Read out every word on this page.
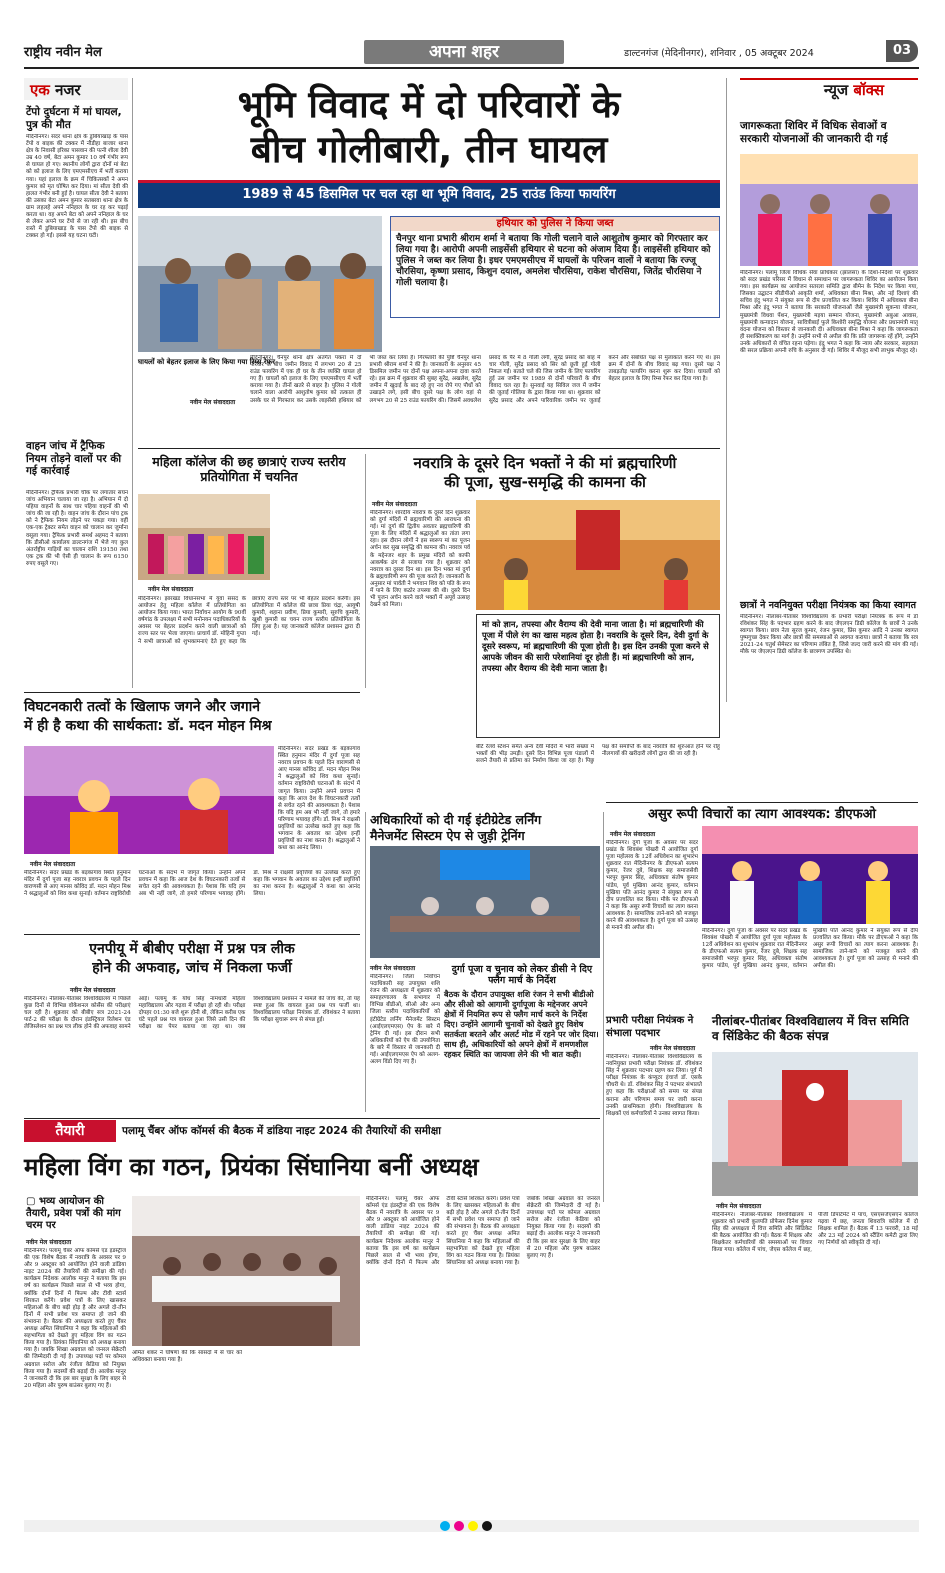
राष्ट्रीय नवीन मेल	अपना शहर	डाल्टनगंज (मेदिनीनगर), शनिवार , 05 अक्टूबर 2024	03
एक नजर
टेंपो दुर्घटना में मां घायल, पुत्र की मौत
मेदिनीनगर। सदर थाना क्षेत्र के डुबियाखाड़ के पास टेंपो व बाइक की टक्कर में नौडीहा बाजार थाना क्षेत्र के निवासी इरिका पासवान की पत्नी शीला देवी उम्र 40 वर्ष, बेटा अमन कुमार 10 वर्ष गंभीर रूप से घायल हो गए। स्थानीय लोगों द्वारा दोनों मां बेटा को को इलाज के लिए एमएमसीएच में भर्ती कराया गया। यहां इलाज के क्रम में चिकित्सकों ने अमन कुमार को मृत घोषित कर दिया। मां सीता देवी की हालत गंभीर बनी हुई है। घायल सीता देवी ने बताया की उसका बेटा अमन कुमार सतबरवा थाना क्षेत्र के ग्राम लहलहे अपने ननिहाल के घर रह कर पढ़ाई करता था। वह अपने बेटा को अपने ननिहाल के घर से लेकर अपने घर टेंपो से जा रही थी। इस बीच रास्ते में डुबियाखाड़ के पास टेंपो की बाइक से टक्कर हो गई। इससे यह घटना घटी।
वाहन जांच में ट्रैफिक नियम तोड़ने वालों पर की गई कार्रवाई
मेदिनीनगर। ट्रैफिक प्रभारी चौक पर लगातार सघन जांच अभियान चलाया जा रहा है। अभियान में दो पहिया वाहनों के साथ चार पहिया वाहनों की भी जांच की जा रही है। वाहन जांच के दौरान पांच ट्रक को ने ट्रैफिक नियम तोड़ने पर पकड़ा गया। वहीं एक-एक ट्रेक्टर समेत वाहन को चालान कर जुर्माना वसूला गया। ट्रैफिक प्रभारी समर्थ अहमद ने बताया कि डीसीओ कार्यालय डाल्टनगंज में भेजे गए कुल अंतर्राष्ट्रीय गाड़ियों का चालान राशि 19150 तथा एक ट्रक की भी ऐसी ही चालान के रूप 6150 रुपए वसूले गए।
भूमि विवाद में दो परिवारों के
बीच गोलीबारी, तीन घायल
1989 से 45 डिसमिल पर चल रहा था भूमि विवाद, 25 राउंड किया फायरिंग
घायलों को बेहतर इलाज के लिए किया गया रिम्स रेफर
नवीन मेल संवाददाता
हथियार को पुलिस ने किया जब्त
चैनपुर थाना प्रभारी श्रीराम शर्मा ने बताया कि गोली चलाने वाले आशुतोष कुमार को गिरफ्तार कर लिया गया है। आरोपी अपनी लाइसेंसी हथियार से घटना को अंजाम दिया है। लाइसेंसी हथियार को पुलिस ने जब्त कर लिया है। इधर एमएमसीएच में घायलों के परिजन वालों ने बताया कि रज्जू चौरसिया, कृष्णा प्रसाद, किशुन दयाल, अमलेश चौरसिया, राकेश चौरसिया, जितेंद्र चौरसिया ने गोली चलाया है।
मेदिनीनगर। चैनपुर थाना क्षेत्र अंतर्गत पकरा में दो परिवार के बीच जमीन विवाद में लगभग 20 से 25 राउंड फायरिंग में एक ही घर के तीन व्यक्ति घायल हो गए हैं। घायलों को इलाज के लिए एमएमसीएच में भर्ती कराया गया है। तीनों खतरे से बाहर है। पुलिस ने गोली चलाने वाला आरोपी आशुतोष कुमार को तत्काल ही उसके घर से गिरफ्तार कर उसके लाइसेंसी हथियार को भी जब्त कर लिया है। गिरफ्तारी की पुष्टि चैनपुर थाना प्रभारी श्रीराम शर्मा ने की है। जानकारी के अनुसार 45 डिसमिल जमीन पर दोनों पक्ष अपना-अपना दावा करते रहे। इस क्रम में शुक्रवार की सुबह सुरेंद्र, अखलेश, सुरेंद्र जमीन में खुदाई के बाद रहे हुए नव रोपे गए पौधों को उखाड़ने लगे, इसी बीच दूसरे पक्ष के लोग वहां से लगभग 20 से 25 राउंड फायरिंग की। जिसमें अवधलेश प्रसाद के पैर में 8 गोली लगी, सुरेंद्र प्रसाद को बांह में चार गोली, सुरेंद्र प्रसाद को सिर को छूती हुई गोली निकल गई। बताते चले की जिस जमीन के लिए फायरिंग हुई उस जमीन पर 1989 से दोनों परिवारों के बीच विवाद चल रहा है। सुनवाई यह सिविल जज में जमीन की जुताई गोलिया के द्वारा किया गया था। शुक्रवार को सुरेंद्र प्रसाद और अपने पारिवारिक जमीन पर जुताई करने और संबंधित पक्ष से मुलाकात करने गए थे। इस क्रम में दोनों के बीच विवाद बढ़ गया। दूसरे पक्ष ने ताबड़तोड़ फायरिंग करना शुरू कर दिया। घायलों को बेहतर इलाज के लिए रिम्स रेफर कर दिया गया है।
महिला कॉलेज की छह छात्राएं राज्य स्तरीय प्रतियोगिता में चयनित
नवीन मेल संवाददाता
मेदिनीनगर। झारखंड विधानसभा में युवा संसद के आयोजन हेतु महिला कॉलेज में प्रतियोगिता का आयोजन किया गया। भारत निर्वाचन आयोग के 90वीं वर्षगांठ के उपलक्ष्य में सभी मनोनयन पदाधिकारियों के अवसर पर बेहतर प्रदर्शन करने वाली छात्राओं को राज्य स्तर पर भेजा जाएगा। प्राचार्य डॉ. मोहिनी गुप्ता ने सभी छात्राओं को शुभकामनाएं देते हुए कहा कि छात्राएं राज्य स्तर पर भी बेहतर प्रदर्शन करेंगी। इस प्रतियोगिता में कॉलेज की छात्रा प्रिया चंद्रा, आयुषी कुमारी, शहाना प्रवीण, प्रिया कुमारी, सुरुचि कुमारी, खुशी कुमारी का चयन राज्य स्तरीय प्रतियोगिता के लिए हुआ है। यह जानकारी कॉलेज प्रशासन द्वारा दी गई।
नवरात्रि के दूसरे दिन भक्तों ने की मां ब्रह्मचारिणी
की पूजा, सुख-समृद्धि की कामना की
नवीन मेल संवाददाता
मेदिनीनगर। शारदीय नवरात्र के दूसरे दिन शुक्रवार को दुर्गा मंदिरों में ब्रह्मचारिणी की आराधना की गई। मां दुर्गा की द्वितीय अवतार ब्रह्मचारिणी की पूजा के लिए मंदिरों में श्रद्धालुओं का तांता लगा रहा। इस दौरान लोगों ने इस स्वरूप मां का पूजन अर्चन कर सुख समृद्धि की कामना की। नवरात्र पर्व के मद्देनजर शहर के प्रमुख मंदिरों को काफी आकर्षक ढंग से सजाया गया है। शुक्रवार को नवरात्र का दूसरा दिन था। इस दिन भक्त मां दुर्गा के ब्रह्मचारिणी रूप की पूजा करते हैं। जानकारी के अनुसार मां पार्वती ने भगवान शिव को पति के रूप में पाने के लिए कठोर तपस्या की थी। दुसरे दिन भी पूजन अर्चन करने वाले भक्तों में अपूर्व उत्साह देखने को मिला।
मां को ज्ञान, तपस्या और वैराग्य की देवी माना जाता है। मां ब्रह्मचारिणी की पूजा में पीले रंग का खास महत्व होता है। नवरात्रि के दूसरे दिन, देवी दुर्गा के दूसरे स्वरूप, मां ब्रह्मचारिणी की पूजा होती है। इस दिन उनकी पूजा करने से आपके जीवन की सारी परेशानियां दूर होती हैं। मां ब्रह्मचारिणी को ज्ञान, तपस्या और वैराग्य की देवी माना जाता है।
बेटिं रेलवे स्टेशन समेत अन्य देवी मंदिरों में भारी संख्या में भक्तों की भीड़ उमड़ी। दूसरे दिन विभिन्न पूजा पंडालों में सजने तैयारी से प्रतिमा का निर्माण किया जा रहा है। पिछु पक्ष की समाप्ति के बाद नवरात्रि की शुरुआत होने पर रोहू नीलगायों की खरीदारी लोगों द्वारा की जा रही है।
विघटनकारी तत्वों के खिलाफ जगने और जगाने
में ही है कथा की सार्थकता: डॉ. मदन मोहन मिश्र
मेदिनीनगर। सदर प्रखंड के बड़कागांव स्थित हनुमान मंदिर में दुर्गा पूजा सह नवरात्र प्रवचन के पहले दिन वाराणसी से आए मानस कोविद डॉ. मदन मोहन मिश्र ने श्रद्धालुओं को शिव कथा सुनाई। वर्तमान राष्ट्रविरोधी घटनाओं के संदर्भ में जागृत किया। उन्होंने अपने प्रवचन में कहा कि आज देश के विघटनकारी तत्वों से सचेत रहने की आवश्यकता है। पेशाब कि यदि हम अब भी नहीं जागे, तो हमारे परिणाम भयावह होंगे। डॉ. मिश्र ने राक्षसी प्रवृत्तियों का उल्लेख करते हुए कहा कि भगवान के अवतार का उद्देश्य इन्हीं प्रवृत्तियों का नाश करना है। श्रद्धालुओं ने कथा का आनंद लिया।
नवीन मेल संवाददाता
मेदिनीनगर। सदर प्रखंड के बड़कागांव स्थित हनुमान मंदिर में दुर्गा पूजा सह नवरात्र प्रवचन के पहले दिन वाराणसी से आए मानस कोविद डॉ. मदन मोहन मिश्र ने श्रद्धालुओं को शिव कथा सुनाई। वर्तमान राष्ट्रविरोधी घटनाओं के संदर्भ में जागृत किया। उन्होंने अपने प्रवचन में कहा कि आज देश के विघटनकारी तत्वों से सचेत रहने की आवश्यकता है। पेशाब कि यदि हम अब भी नहीं जागे, तो हमारे परिणाम भयावह होंगे। डॉ. मिश्र ने राक्षसी प्रवृत्तियों का उल्लेख करते हुए कहा कि भगवान के अवतार का उद्देश्य इन्हीं प्रवृत्तियों का नाश करना है। श्रद्धालुओं ने कथा का आनंद लिया।
एनपीयू में बीबीए परीक्षा में प्रश्न पत्र लीक
होने की अफवाह, जांच में निकला फर्जी
नवीन मेल संवाददाता
मेदिनीनगर। नीलांबर-पीतांबर विश्वविद्यालय में पिछले कुछ दिनों से विभिन्न वोकेशनल कोर्सेस की परीक्षाएं चल रही है। शुक्रवार को बीबीए सत्र 2021-24 पार्ट-2 की परीक्षा के दौरान इंडस्ट्रियल रिलेशन एंड लेजिस्लेशन का प्रश्न पत्र लीक होने की अफवाह सामने आई। पलामू के योध सिंह नामधारी महिला महाविद्यालय और गढ़वा में परीक्षा हो रही थी। परीक्षा दोपहर 01:30 बजे शुरू होनी थी, लेकिन करीब एक घंटे पहले प्रश्न पत्र वायरल हुआ जिसे उसी दिन की परीक्षा का पेपर बताया जा रहा था। जब विश्वविद्यालय प्रशासन ने मामले की जांच की, तो यह स्पष्ट हुआ कि वायरल हुआ प्रश्न पत्र फर्जी था। विश्वविद्यालय परीक्षा नियंत्रक डॉ. रविशंकर ने बताया कि परीक्षा सुचारू रूप से संपन्न हुई।
अधिकारियों को दी गई इंटीग्रेटेड लर्निंग
मैनेजमेंट सिस्टम ऐप से जुड़ी ट्रेनिंग
नवीन मेल संवाददाता
मेदिनीनगर। जिला निर्वाचन पदाधिकारी सह उपायुक्त शशि रंजन की अध्यक्षता में शुक्रवार को समाहरणालय के सभागार में विभिन्न बीडीओ, सीओ और अन्य जिला स्तरीय पदाधिकारियों को इंटीग्रेटेड लर्निंग मैनेजमेंट सिस्टम (आईएलएमएस) ऐप के बारे में ट्रेनिंग दी गई। इस दौरान सभी अधिकारियों को ऐप की उपयोगिता के बारे में विस्तार से जानकारी दी गई। आईएलएमएस ऐप को अलग-अलग विंडो दिए गए हैं।
दुर्गा पूजा व चुनाव को लेकर डीसी ने दिए फ्लैग मार्च के निर्देश
बैठक के दौरान उपायुक्त शशि रंजन ने सभी बीडीओ और सीओ को आगामी दुर्गापूजा के मद्देनजर अपने क्षेत्रों में नियमित रूप से फ्लैग मार्च करने के निर्देश दिए। उन्होंने आगामी चुनावों को देखते हुए विशेष सतर्कता बरतने और अलर्ट मोड में रहने पर जोर दिया। साथ ही, अधिकारियों को अपने क्षेत्रों में शमणशील रहकर स्थिति का जायजा लेने की भी बात कही।
न्यूज बॉक्स
जागरूकता शिविर में विधिक सेवाओं व सरकारी योजनाओं की जानकारी दी गई
मेदिनीनगर। पलामू जिला विधिक सेवा प्राधिकार (झालसा) के दिशा-निर्देशों पर शुक्रवार को सदर प्रखंड परिसर में विधान से समाधान पर जागरूकता शिविर का आयोजन किया गया। इस कार्यक्रम का आयोजन सतरला समिति द्वारा बीमेन के निदेश पर किया गया, जिसका उद्घाटन सीडीपीओ आकृति शर्मा, अधिवक्ता बीना मिश्रा, और नई दिशाएं की सचिव इंदु भगत ने संयुक्त रूप से दीप प्रज्वलित कर किया। शिविर में अधिवक्ता बीना मिश्रा और इंदु भगत ने बताया कि सरकारी योजनाओं जैसे मुख्यमंत्री सुकन्या योजना, मुख्यमंत्री विधवा पेंशन, मुख्यमंत्री मइया सम्मान योजना, मुख्यमंत्री अबुआ आवास, मुख्यमंत्री कन्यादान योजना, सावित्रीबाई फुले किशोरी समृद्धि योजना और प्रधानमंत्री मातृ वंदना योजना को विस्तार से जानकारी दी। अधिवक्ता बीना मिश्रा ने कहा कि जागरूकता ही सशक्तिकरण का मार्ग है। उन्होंने सभी से अपील की कि प्रति जागरूक रहें होंगे, उन्होंने उनके अधिकारों से वंचित रहना पड़ेगा। इंदु भगत ने कहा कि न्याय और सरकार, सहायता की सरल प्रक्रिया अपनी रुचि के अनुसार दी गई। शिविर में मौजूद सभी लाभुक मौजूद रहे।
छात्रों ने नवनियुक्त परीक्षा नियंत्रक का किया स्वागत
मेदिनीनगर। नीलांबर-पीतांबर विश्वविद्यालय के प्रभारी परीक्षा नियंत्रक के रूप में डॉ रविशंकर सिंह के पदभार ग्रहण करने के बाद जेएलएन डिग्री कॉलेज के छात्रों ने उनके स्वागत किया। छात्र नेता सूरज कुमार, रंजन कुमार, प्रिंस कुमार आदि ने उनका स्वागत पुष्पगुच्छ देकर किया और छात्रों की समस्याओं से अवगत कराया। छात्रों ने बताया कि सत्र 2021-24 चतुर्थ सेमेस्टर का परिणाम लंबित है, जिसे जल्द जारी करने की मांग की गई। मौके पर जेएलएन डिग्री कॉलेज के छात्रगण उपस्थित थे।
असुर रूपी विचारों का त्याग आवश्यक: डीएफओ
नवीन मेल संवाददाता
मेदिनीनगर। दुर्गा पूजा के अवसर पर सदर प्रखंड के शिवबंश पोखरी में आयोजित दुर्गा पूजा महोत्सव के 12वें अधिवेशन का शुभारंभ शुक्रवार रात मेदिनीनगर के डीएफओ सत्यम कुमार, रेंजर दुबे, शिक्षक सह समाजसेवी भरपूर कुमार सिंह, अधिवक्ता संतोष कुमार पांडेय, पूर्व मुखिया आनंद कुमार, वर्तमान मुखिया पति आनंद कुमार ने संयुक्त रूप से दीप प्रज्वलित कर किया। मौके पर डीएफओ ने कहा कि असुर रूपी विचारों का त्याग करना आवश्यक है। सामाजिक ताने-बाने को मजबूत करने की आवश्यकता है। दुर्गा पूजा को उत्साह से मनाने की अपील की।	मेदिनीनगर। दुर्गा पूजा के अवसर पर सदर प्रखंड के शिवबंश पोखरी में आयोजित दुर्गा पूजा महोत्सव के 12वें अधिवेशन का शुभारंभ शुक्रवार रात मेदिनीनगर के डीएफओ सत्यम कुमार, रेंजर दुबे, शिक्षक सह समाजसेवी भरपूर कुमार सिंह, अधिवक्ता संतोष कुमार पांडेय, पूर्व मुखिया आनंद कुमार, वर्तमान मुखिया पति आनंद कुमार ने संयुक्त रूप से दीप प्रज्वलित कर किया। मौके पर डीएफओ ने कहा कि असुर रूपी विचारों का त्याग करना आवश्यक है। सामाजिक ताने-बाने को मजबूत करने की आवश्यकता है। दुर्गा पूजा को उत्साह से मनाने की अपील की।
प्रभारी परीक्षा नियंत्रक ने संभाला पदभार
नवीन मेल संवाददाता
मेदिनीनगर। नीलांबर-पीतांबर विश्वविद्यालय के नवनियुक्त प्रभारी परीक्षा नियंत्रक डॉ. रविशंकर सिंह ने शुक्रवार पदभार ग्रहण कर लिया। पूर्व में परीक्षा नियंत्रक के कंप्यूटर इंचार्ज डॉ. एसके चौधरी थे। डॉ. रविशंकर सिंह ने पदभार संभालते हुए कहा कि परीक्षाओं को समय पर संपन्न कराना और परिणाम समय पर जारी करना उनकी प्राथमिकता होगी। विश्वविद्यालय के शिक्षकों एवं कर्मचारियों ने उनका स्वागत किया।
नीलांबर-पीतांबर विश्वविद्यालय में वित्त समिति व सिंडिकेट की बैठक संपन्न
नवीन मेल संवाददाता
मेदिनीनगर। नीलांबर-पीतांबर विश्वविद्यालय में शुक्रवार को प्रभारी कुलपति प्रोफेसर दिनेश कुमार सिंह की अध्यक्षता में वित्त समिति और सिंडिकेट की बैठक आयोजित की गई। बैठक में शिक्षक और शिक्षकेतर कर्मचारियों की समस्याओं पर विचार किया गया। कॉलेज में पांच, जेएस कॉलेज में छह, पीजी डिपार्टमेंट में पांच, एसएसजेएसएन कॉलेज गढ़वा में छह, जनता शिवरात्रि कॉलेज में दो शिक्षक शामिल हैं। बैठक में 13 फरवरी, 18 मई और 23 मई 2024 को स्टैंडिंग कमेटी द्वारा लिए गए निर्णयों को स्वीकृति दी गई।
तैयारी	पलामू चैंबर ऑफ कॉमर्स की बैठक में डांडिया नाइट 2024 की तैयारियों की समीक्षा
महिला विंग का गठन, प्रियंका सिंघानिया बनीं अध्यक्ष
▢ भव्य आयोजन की तैयारी, प्रवेश पत्रों की मांग चरम पर
नवीन मेल संवाददाता
मेदिनीनगर। पलामू चैंबर ऑफ कॉमर्स एंड इंडस्ट्रीज की एक विशेष बैठक में नवरात्रि के अवसर पर 9 और 9 अक्टूबर को आयोजित होने वाली डांडिया नाइट 2024 की तैयारियों की समीक्षा की गई। कार्यक्रम निदेशक आलोक मानुर ने बताया कि इस वर्ष का कार्यक्रम पिछले साल से भी भव्य होगा, क्योंकि दोनों दिनों में फिल्म और टीवी स्टार्स शिरकत करेंगे। प्रवेश पत्रों के लिए खासकर महिलाओं के बीच बढ़ी होड़ है और अगले दो-तीन दिनों में सभी प्रवेश पत्र समाप्त हो जाने की संभावना है। बैठक की अध्यक्षता करते हुए चैंबर अध्यक्ष अमित सिंघानिया ने कहा कि महिलाओं की सहभागिता को देखते हुए महिला विंग का गठन किया गया है। प्रियंका सिंघानिया को अध्यक्ष बनाया गया है। जबकि शिखा अग्रवाल को जनरल सेक्रेटरी की जिम्मेदारी दी गई है। उपाध्यक्ष पदों पर कोमल अग्रवाल सरोज और रंजीता केडिया को नियुक्त किया गया है। सदस्यों की बढ़ाई दी। आलोक मानुर ने जानकारी दी कि इस बार सुरक्षा के लिए बाहर से 20 महिला और पुरुष बाउंसर बुलाए गए हैं।
अमित शंकर ने घोषणा की कि सांसदों में से चार को अधिवक्ता बनाया गया है।
मेदिनीनगर। पलामू चैंबर ऑफ कॉमर्स एंड इंडस्ट्रीज की एक विशेष बैठक में नवरात्रि के अवसर पर 9 और 9 अक्टूबर को आयोजित होने वाली डांडिया नाइट 2024 की तैयारियों की समीक्षा की गई। कार्यक्रम निदेशक आलोक मानुर ने बताया कि इस वर्ष का कार्यक्रम पिछले साल से भी भव्य होगा, क्योंकि दोनों दिनों में फिल्म और टीवी स्टार्स शिरकत करेंगे। प्रवेश पत्रों के लिए खासकर महिलाओं के बीच बढ़ी होड़ है और अगले दो-तीन दिनों में सभी प्रवेश पत्र समाप्त हो जाने की संभावना है। बैठक की अध्यक्षता करते हुए चैंबर अध्यक्ष अमित सिंघानिया ने कहा कि महिलाओं की सहभागिता को देखते हुए महिला विंग का गठन किया गया है। प्रियंका सिंघानिया को अध्यक्ष बनाया गया है। जबकि शिखा अग्रवाल को जनरल सेक्रेटरी की जिम्मेदारी दी गई है। उपाध्यक्ष पदों पर कोमल अग्रवाल सरोज और रंजीता केडिया को नियुक्त किया गया है। सदस्यों की बढ़ाई दी। आलोक मानुर ने जानकारी दी कि इस बार सुरक्षा के लिए बाहर से 20 महिला और पुरुष बाउंसर बुलाए गए हैं।
